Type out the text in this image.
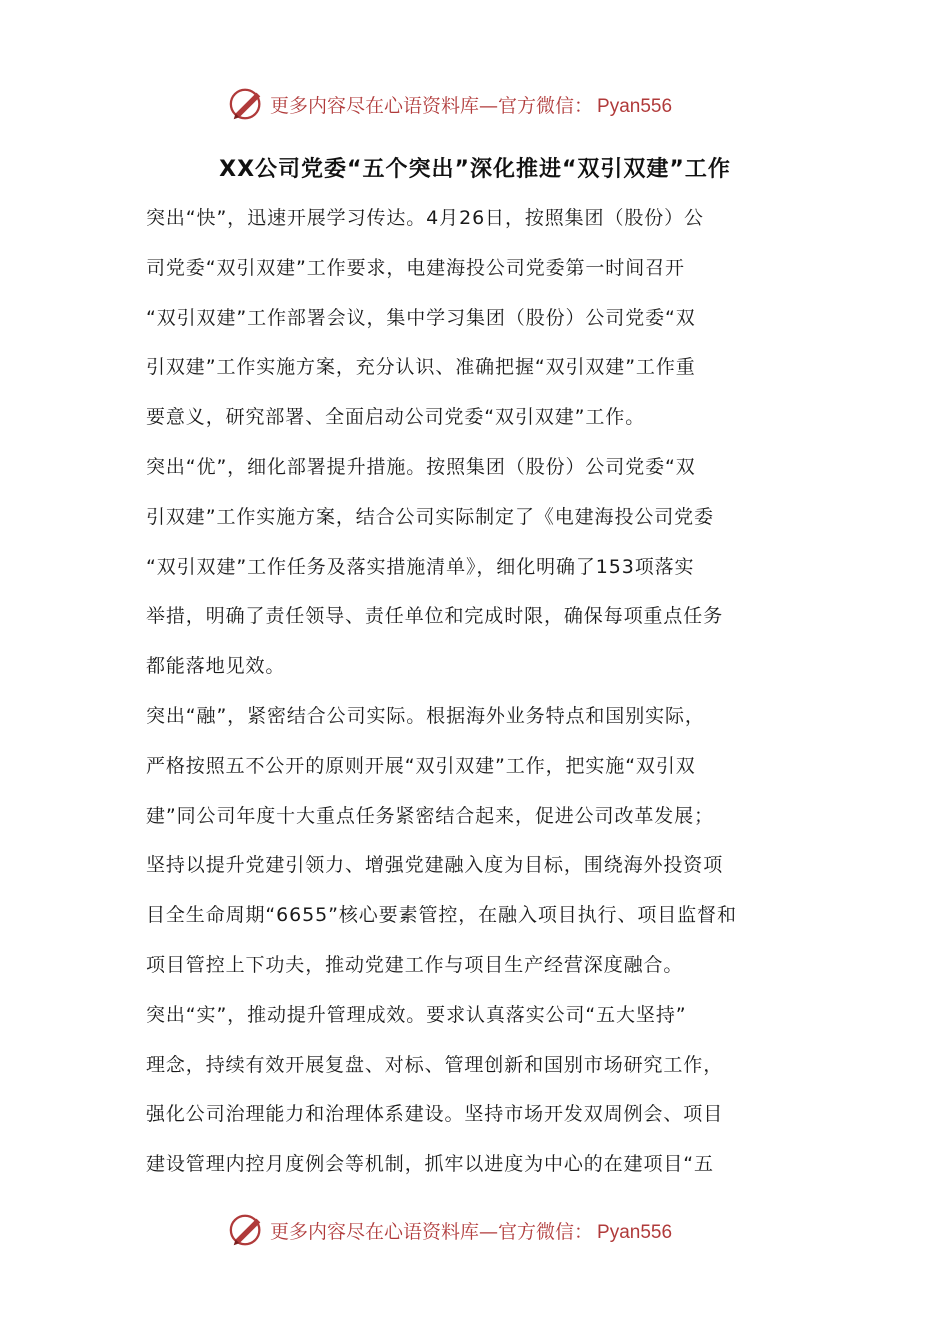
更多内容尽在心语资料库—官方微信： Pyan556
XX公司党委“五个突出”深化推进“双引双建”工作

突出“快”，迅速开展学习传达。4月26日，按照集团（股份）公
司党委“双引双建”工作要求，电建海投公司党委第一时间召开
“双引双建”工作部署会议，集中学习集团（股份）公司党委“双
引双建”工作实施方案，充分认识、准确把握“双引双建”工作重
要意义，研究部署、全面启动公司党委“双引双建”工作。

突出“优”，细化部署提升措施。按照集团（股份）公司党委“双
引双建”工作实施方案，结合公司实际制定了《电建海投公司党委
“双引双建”工作任务及落实措施清单》，细化明确了153项落实
举措，明确了责任领导、责任单位和完成时限，确保每项重点任务
都能落地见效。

突出“融”，紧密结合公司实际。根据海外业务特点和国别实际，
严格按照五不公开的原则开展“双引双建”工作，把实施“双引双
建”同公司年度十大重点任务紧密结合起来，促进公司改革发展；
坚持以提升党建引领力、增强党建融入度为目标，围绕海外投资项
目全生命周期“6655”核心要素管控，在融入项目执行、项目监督和
项目管控上下功夫，推动党建工作与项目生产经营深度融合。

突出“实”，推动提升管理成效。要求认真落实公司“五大坚持”
理念，持续有效开展复盘、对标、管理创新和国别市场研究工作，
强化公司治理能力和治理体系建设。坚持市场开发双周例会、项目
建设管理内控月度例会等机制，抓牢以进度为中心的在建项目“五

更多内容尽在心语资料库—官方微信： Pyan556
